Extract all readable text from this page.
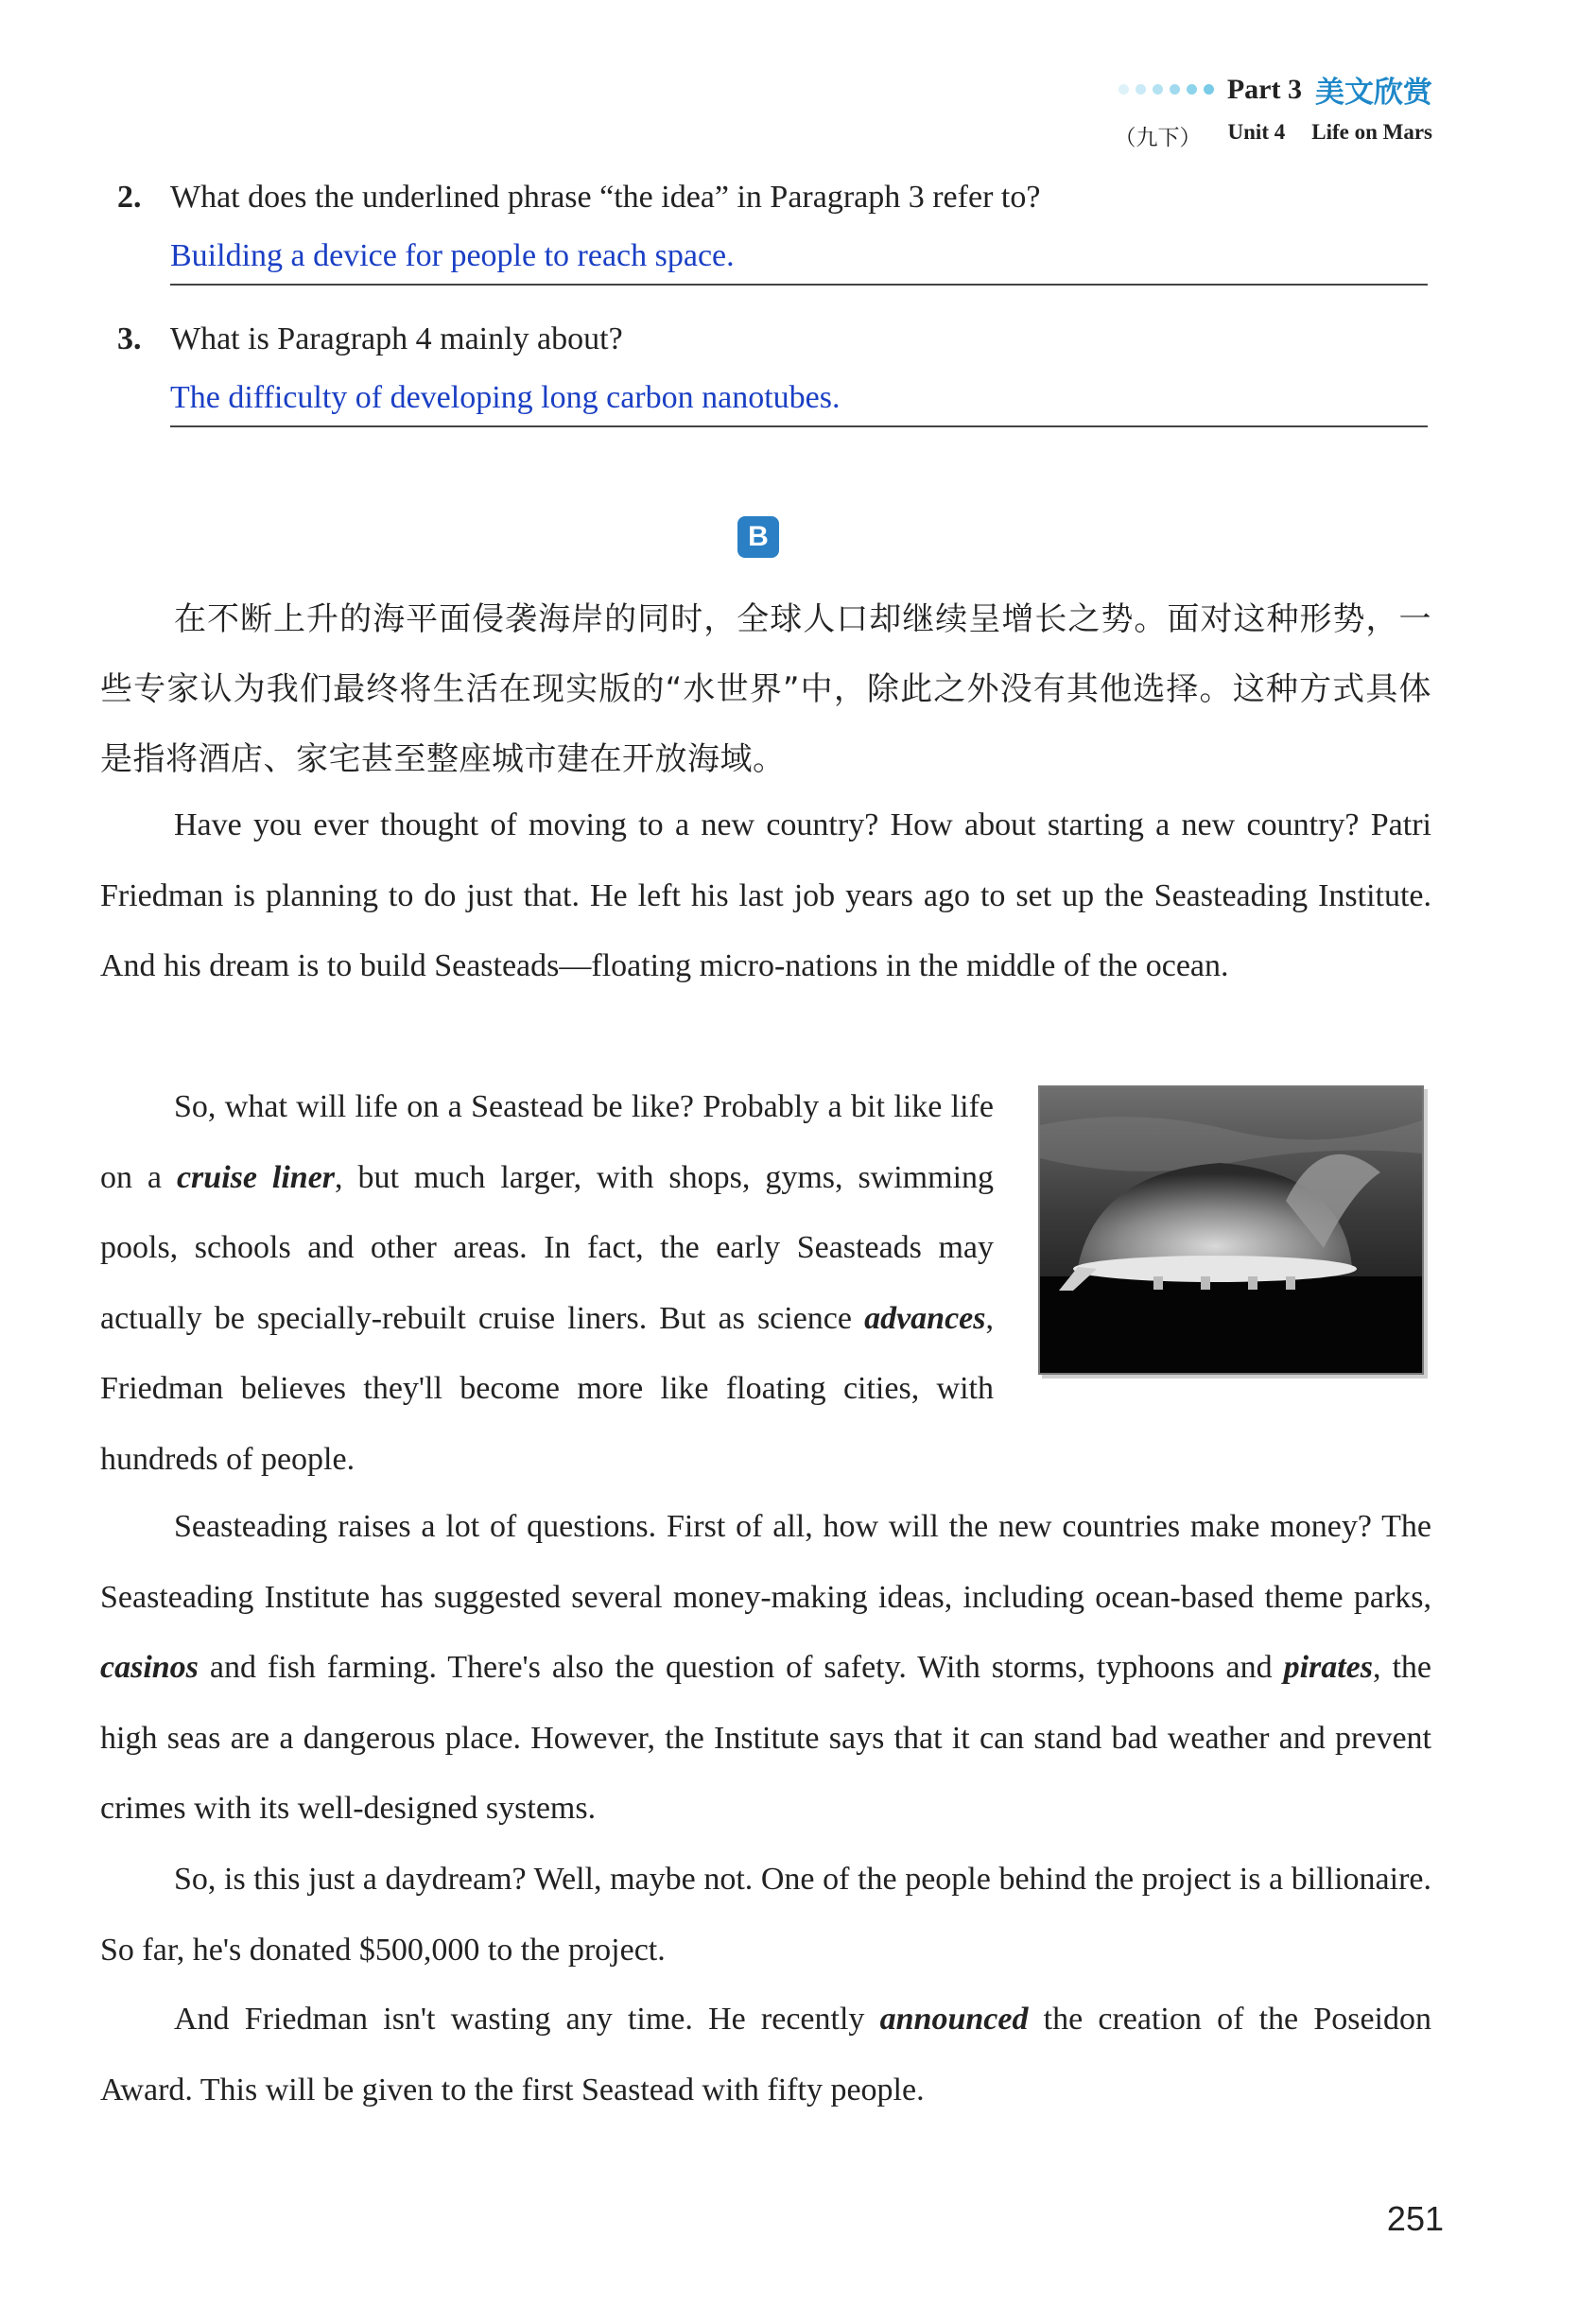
Part 3 美文欣赏
（九下） Unit 4 Life on Mars
2. What does the underlined phrase “the idea” in Paragraph 3 refer to?
Building a device for people to reach space.
3. What is Paragraph 4 mainly about?
The difficulty of developing long carbon nanotubes.
B
在不断上升的海平面侵袭海岸的同时，全球人口却继续呈增长之势。面对这种形势，一些专家认为我们最终将生活在现实版的“水世界”中，除此之外没有其他选择。这种方式具体是指将酒店、家宅甚至整座城市建在开放海域。
Have you ever thought of moving to a new country? How about starting a new country? Patri Friedman is planning to do just that. He left his last job years ago to set up the Seasteading Institute. And his dream is to build Seasteads—floating micro-nations in the middle of the ocean.
So, what will life on a Seastead be like? Probably a bit like life on a cruise liner, but much larger, with shops, gyms, swimming pools, schools and other areas. In fact, the early Seasteads may actually be specially-rebuilt cruise liners. But as science advances, Friedman believes they'll become more like floating cities, with hundreds of people.
Seasteading raises a lot of questions. First of all, how will the new countries make money? The Seasteading Institute has suggested several money-making ideas, including ocean-based theme parks, casinos and fish farming. There's also the question of safety. With storms, typhoons and pirates, the high seas are a dangerous place. However, the Institute says that it can stand bad weather and prevent crimes with its well-designed systems.
So, is this just a daydream? Well, maybe not. One of the people behind the project is a billionaire. So far, he's donated $500,000 to the project.
And Friedman isn't wasting any time. He recently announced the creation of the Poseidon Award. This will be given to the first Seastead with fifty people.
251
